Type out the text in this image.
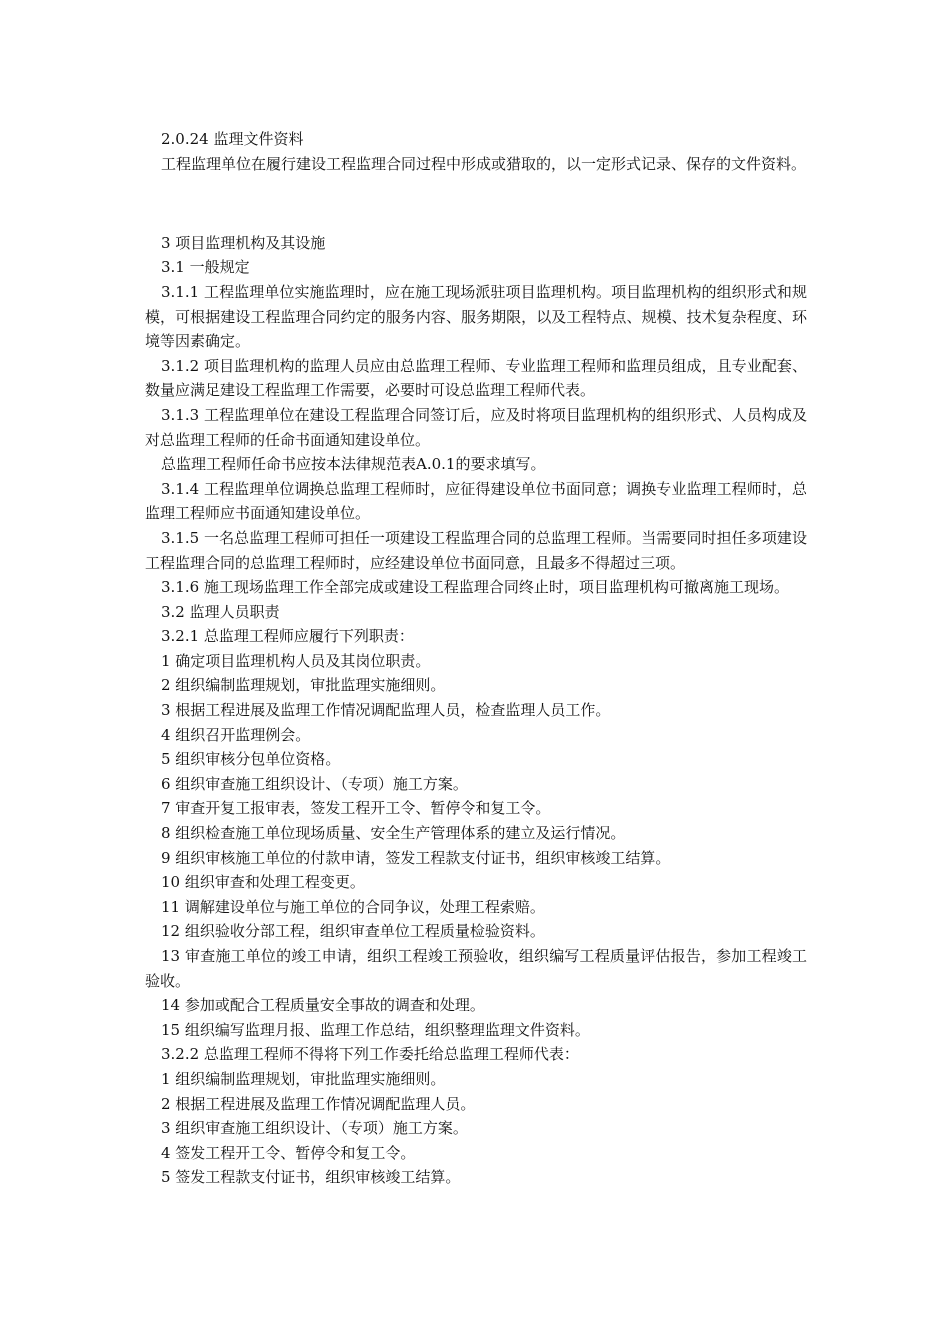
2.0.24 监理文件资料

工程监理单位在履行建设工程监理合同过程中形成或猎取的，以一定形式记录、保存的文件资料。

3 项目监理机构及其设施

3.1 一般规定

3.1.1 工程监理单位实施监理时，应在施工现场派驻项目监理机构。项目监理机构的组织形式和规模，可根据建设工程监理合同约定的服务内容、服务期限，以及工程特点、规模、技术复杂程度、环境等因素确定。

3.1.2 项目监理机构的监理人员应由总监理工程师、专业监理工程师和监理员组成，且专业配套、数量应满足建设工程监理工作需要，必要时可设总监理工程师代表。

3.1.3 工程监理单位在建设工程监理合同签订后，应及时将项目监理机构的组织形式、人员构成及对总监理工程师的任命书面通知建设单位。

总监理工程师任命书应按本法律规范表A.0.1的要求填写。

3.1.4 工程监理单位调换总监理工程师时，应征得建设单位书面同意；调换专业监理工程师时，总监理工程师应书面通知建设单位。

3.1.5 一名总监理工程师可担任一项建设工程监理合同的总监理工程师。当需要同时担任多项建设工程监理合同的总监理工程师时，应经建设单位书面同意，且最多不得超过三项。

3.1.6 施工现场监理工作全部完成或建设工程监理合同终止时，项目监理机构可撤离施工现场。

3.2 监理人员职责

3.2.1 总监理工程师应履行下列职责：

1 确定项目监理机构人员及其岗位职责。

2 组织编制监理规划，审批监理实施细则。

3 根据工程进展及监理工作情况调配监理人员，检查监理人员工作。

4 组织召开监理例会。

5 组织审核分包单位资格。

6 组织审查施工组织设计、（专项）施工方案。

7 审查开复工报审表，签发工程开工令、暂停令和复工令。

8 组织检查施工单位现场质量、安全生产管理体系的建立及运行情况。

9 组织审核施工单位的付款申请，签发工程款支付证书，组织审核竣工结算。

10 组织审查和处理工程变更。

11 调解建设单位与施工单位的合同争议，处理工程索赔。

12 组织验收分部工程，组织审查单位工程质量检验资料。

13 审查施工单位的竣工申请，组织工程竣工预验收，组织编写工程质量评估报告，参加工程竣工验收。

14 参加或配合工程质量安全事故的调查和处理。

15 组织编写监理月报、监理工作总结，组织整理监理文件资料。

3.2.2 总监理工程师不得将下列工作委托给总监理工程师代表：

1 组织编制监理规划，审批监理实施细则。

2 根据工程进展及监理工作情况调配监理人员。

3 组织审查施工组织设计、（专项）施工方案。

4 签发工程开工令、暂停令和复工令。

5 签发工程款支付证书，组织审核竣工结算。
